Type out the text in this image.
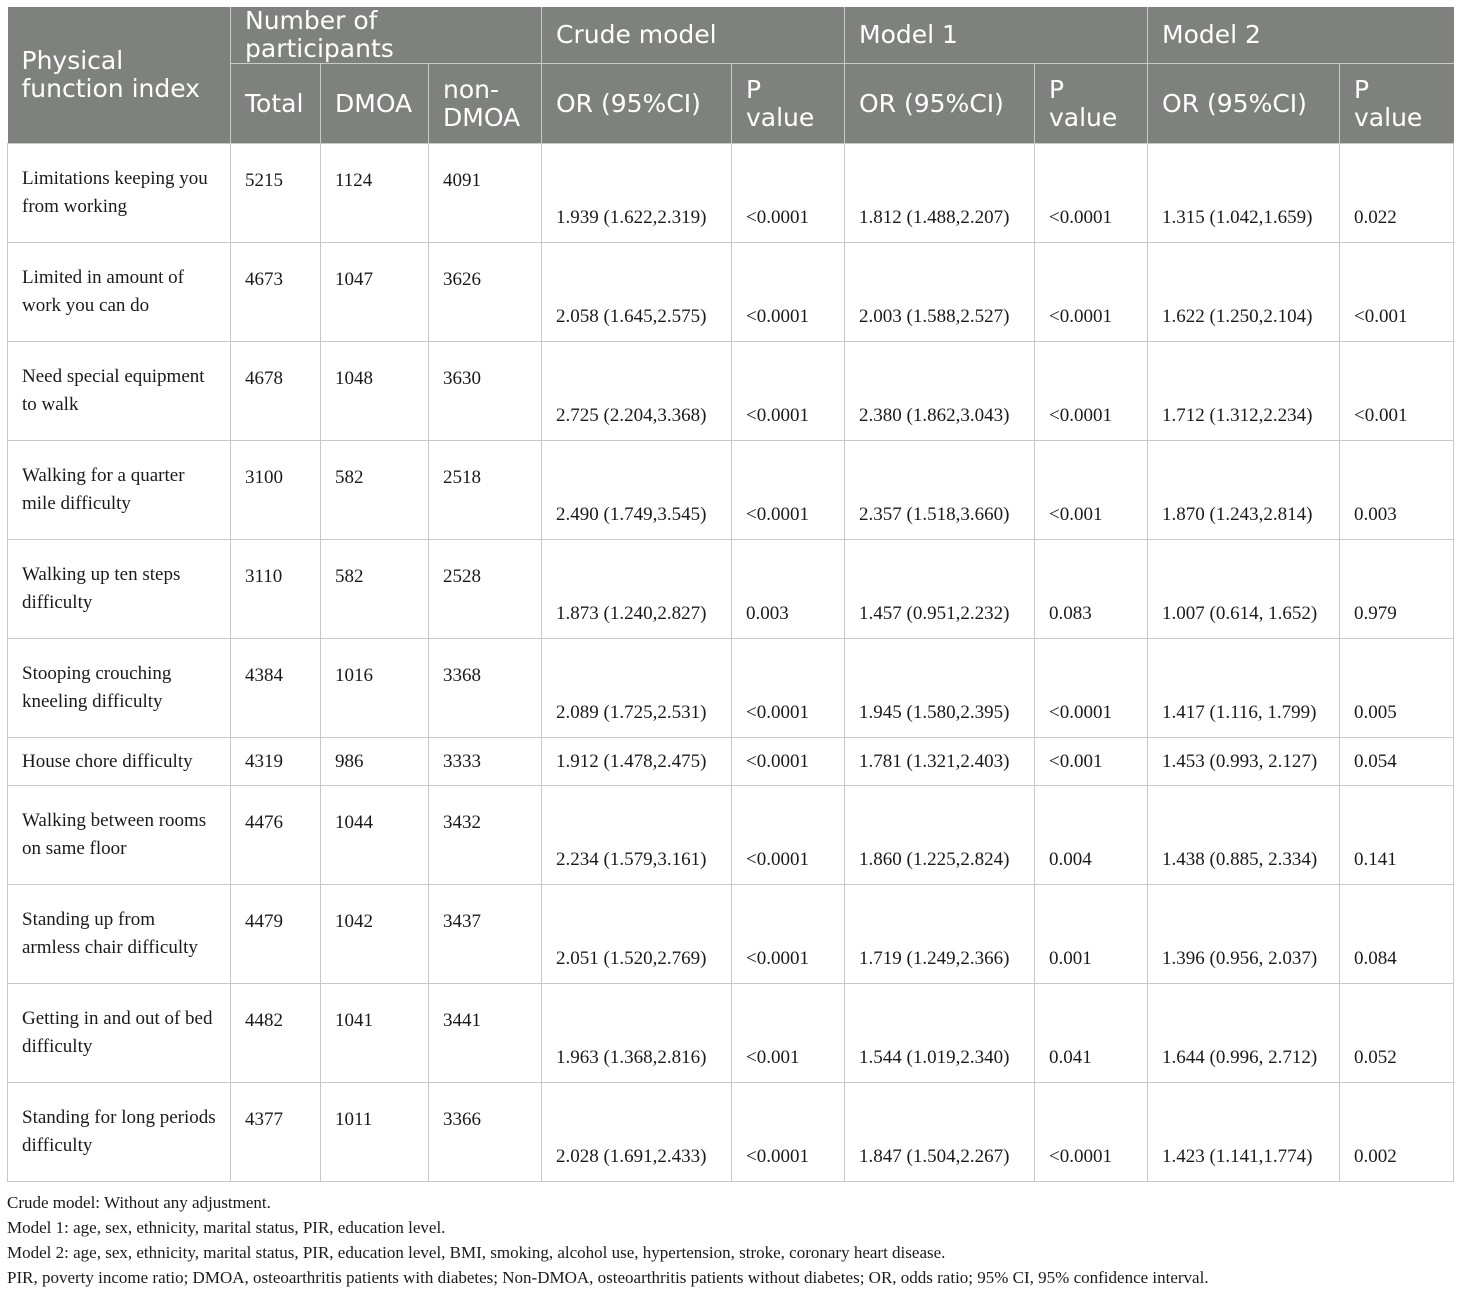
Physical function index	Number of participants			Crude model		Model 1		Model 2	
	Total	DMOA	non-DMOA	OR (95%CI)	P value	OR (95%CI)	P value	OR (95%CI)	P value
Limitations keeping you from working	5215	1124	4091	1.939 (1.622,2.319)	<0.0001	1.812 (1.488,2.207)	<0.0001	1.315 (1.042,1.659)	0.022
Limited in amount of work you can do	4673	1047	3626	2.058 (1.645,2.575)	<0.0001	2.003 (1.588,2.527)	<0.0001	1.622 (1.250,2.104)	<0.001
Need special equipment to walk	4678	1048	3630	2.725 (2.204,3.368)	<0.0001	2.380 (1.862,3.043)	<0.0001	1.712 (1.312,2.234)	<0.001
Walking for a quarter mile difficulty	3100	582	2518	2.490 (1.749,3.545)	<0.0001	2.357 (1.518,3.660)	<0.001	1.870 (1.243,2.814)	0.003
Walking up ten steps difficulty	3110	582	2528	1.873 (1.240,2.827)	0.003	1.457 (0.951,2.232)	0.083	1.007 (0.614, 1.652)	0.979
Stooping crouching kneeling difficulty	4384	1016	3368	2.089 (1.725,2.531)	<0.0001	1.945 (1.580,2.395)	<0.0001	1.417 (1.116, 1.799)	0.005
House chore difficulty	4319	986	3333	1.912 (1.478,2.475)	<0.0001	1.781 (1.321,2.403)	<0.001	1.453 (0.993, 2.127)	0.054
Walking between rooms on same floor	4476	1044	3432	2.234 (1.579,3.161)	<0.0001	1.860 (1.225,2.824)	0.004	1.438 (0.885, 2.334)	0.141
Standing up from armless chair difficulty	4479	1042	3437	2.051 (1.520,2.769)	<0.0001	1.719 (1.249,2.366)	0.001	1.396 (0.956, 2.037)	0.084
Getting in and out of bed difficulty	4482	1041	3441	1.963 (1.368,2.816)	<0.001	1.544 (1.019,2.340)	0.041	1.644 (0.996, 2.712)	0.052
Standing for long periods difficulty	4377	1011	3366	2.028 (1.691,2.433)	<0.0001	1.847 (1.504,2.267)	<0.0001	1.423 (1.141,1.774)	0.002
Crude model: Without any adjustment.
Model 1: age, sex, ethnicity, marital status, PIR, education level.
Model 2: age, sex, ethnicity, marital status, PIR, education level, BMI, smoking, alcohol use, hypertension, stroke, coronary heart disease.
PIR, poverty income ratio; DMOA, osteoarthritis patients with diabetes; Non-DMOA, osteoarthritis patients without diabetes; OR, odds ratio; 95% CI, 95% confidence interval.
